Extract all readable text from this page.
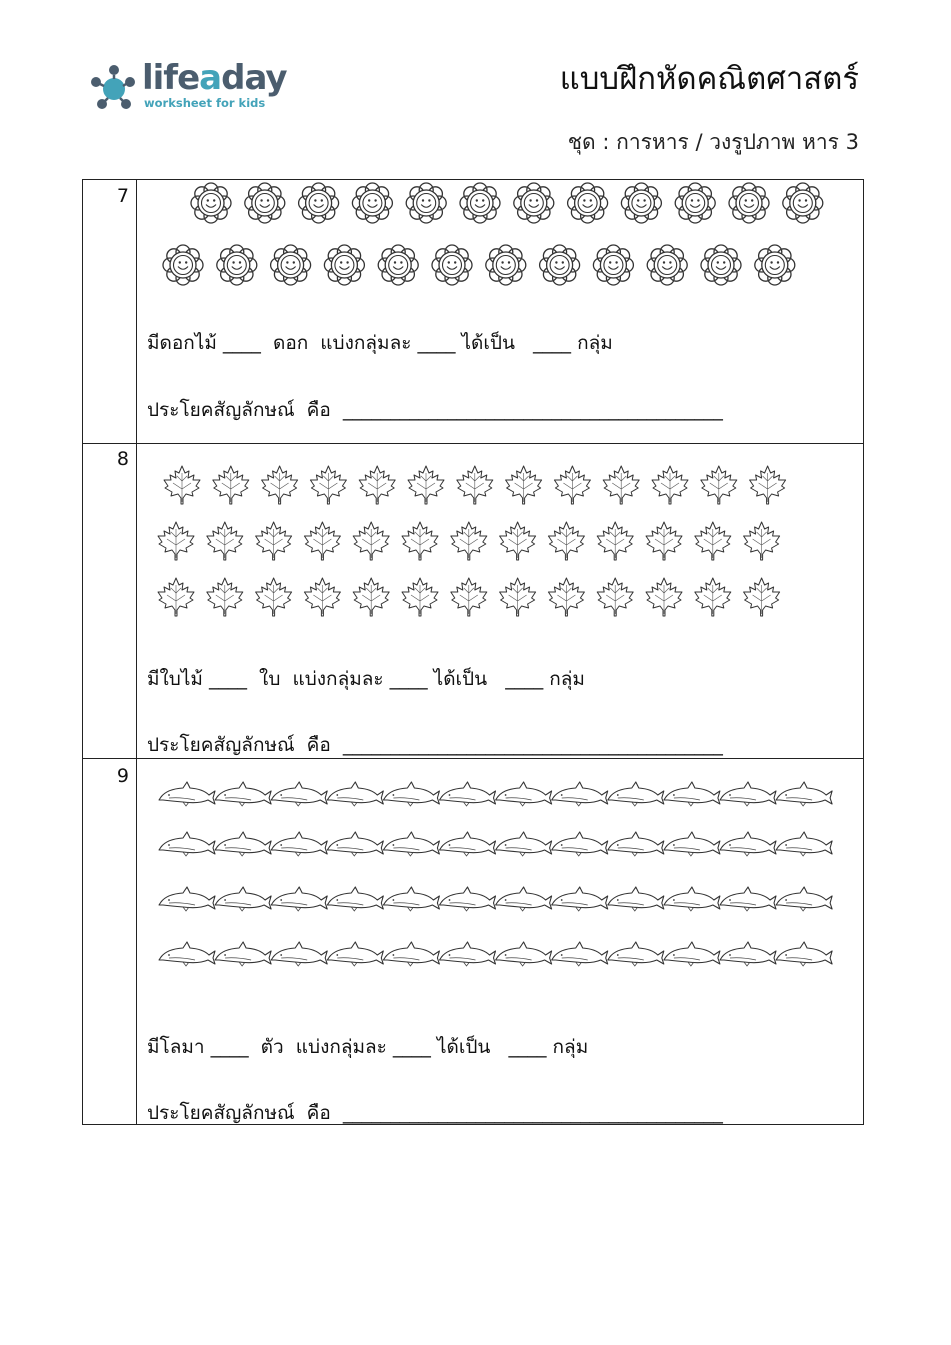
lifeaday
worksheet for kids
แบบฝึกหัดคณิตศาสตร์
ชุด : การหาร / วงรูปภาพ หาร 3
7
มีดอกไม้ ____  ดอก  แบ่งกลุ่มละ ____ ได้เป็น   ____ กลุ่ม
ประโยคสัญลักษณ์  คือ  ________________________________________
8
มีใบไม้ ____  ใบ  แบ่งกลุ่มละ ____ ได้เป็น   ____ กลุ่ม
ประโยคสัญลักษณ์  คือ  ________________________________________
9
มีโลมา ____  ตัว  แบ่งกลุ่มละ ____ ได้เป็น   ____ กลุ่ม
ประโยคสัญลักษณ์  คือ  ________________________________________
